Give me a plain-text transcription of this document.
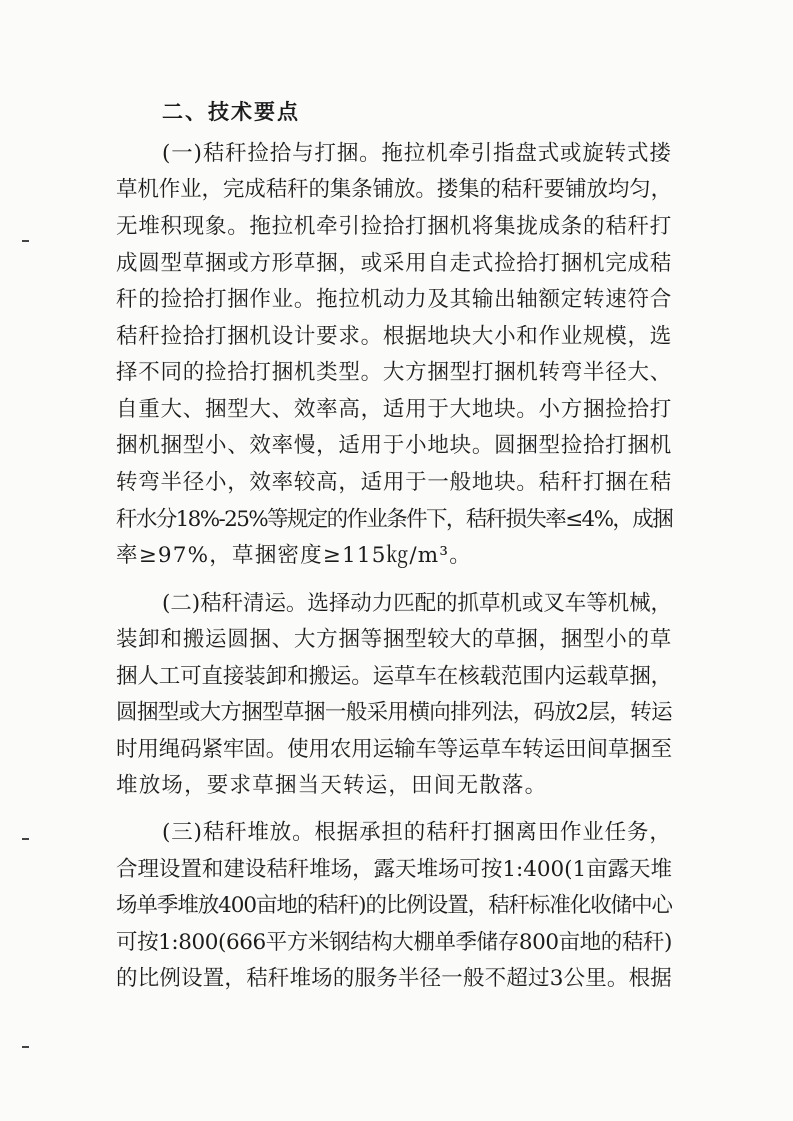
二、技术要点
(一)秸秆捡拾与打捆。拖拉机牵引指盘式或旋转式搂
草机作业，完成秸秆的集条铺放。搂集的秸秆要铺放均匀，
无堆积现象。拖拉机牵引捡拾打捆机将集拢成条的秸秆打
成圆型草捆或方形草捆，或采用自走式捡拾打捆机完成秸
秆的捡拾打捆作业。拖拉机动力及其输出轴额定转速符合
秸秆捡拾打捆机设计要求。根据地块大小和作业规模，选
择不同的捡拾打捆机类型。大方捆型打捆机转弯半径大、
自重大、捆型大、效率高，适用于大地块。小方捆捡拾打
捆机捆型小、效率慢，适用于小地块。圆捆型捡拾打捆机
转弯半径小，效率较高，适用于一般地块。秸秆打捆在秸
秆水分18%-25%等规定的作业条件下，秸秆损失率≤4%，成捆
率≥97%，草捆密度≥115㎏/m³。
(二)秸秆清运。选择动力匹配的抓草机或叉车等机械，
装卸和搬运圆捆、大方捆等捆型较大的草捆，捆型小的草
捆人工可直接装卸和搬运。运草车在核载范围内运载草捆，
圆捆型或大方捆型草捆一般采用横向排列法，码放2层，转运
时用绳码紧牢固。使用农用运输车等运草车转运田间草捆至
堆放场，要求草捆当天转运，田间无散落。
(三)秸秆堆放。根据承担的秸秆打捆离田作业任务，
合理设置和建设秸秆堆场，露天堆场可按1:400(1亩露天堆
场单季堆放400亩地的秸秆)的比例设置，秸秆标准化收储中心
可按1:800(666平方米钢结构大棚单季储存800亩地的秸秆)
的比例设置，秸秆堆场的服务半径一般不超过3公里。根据
